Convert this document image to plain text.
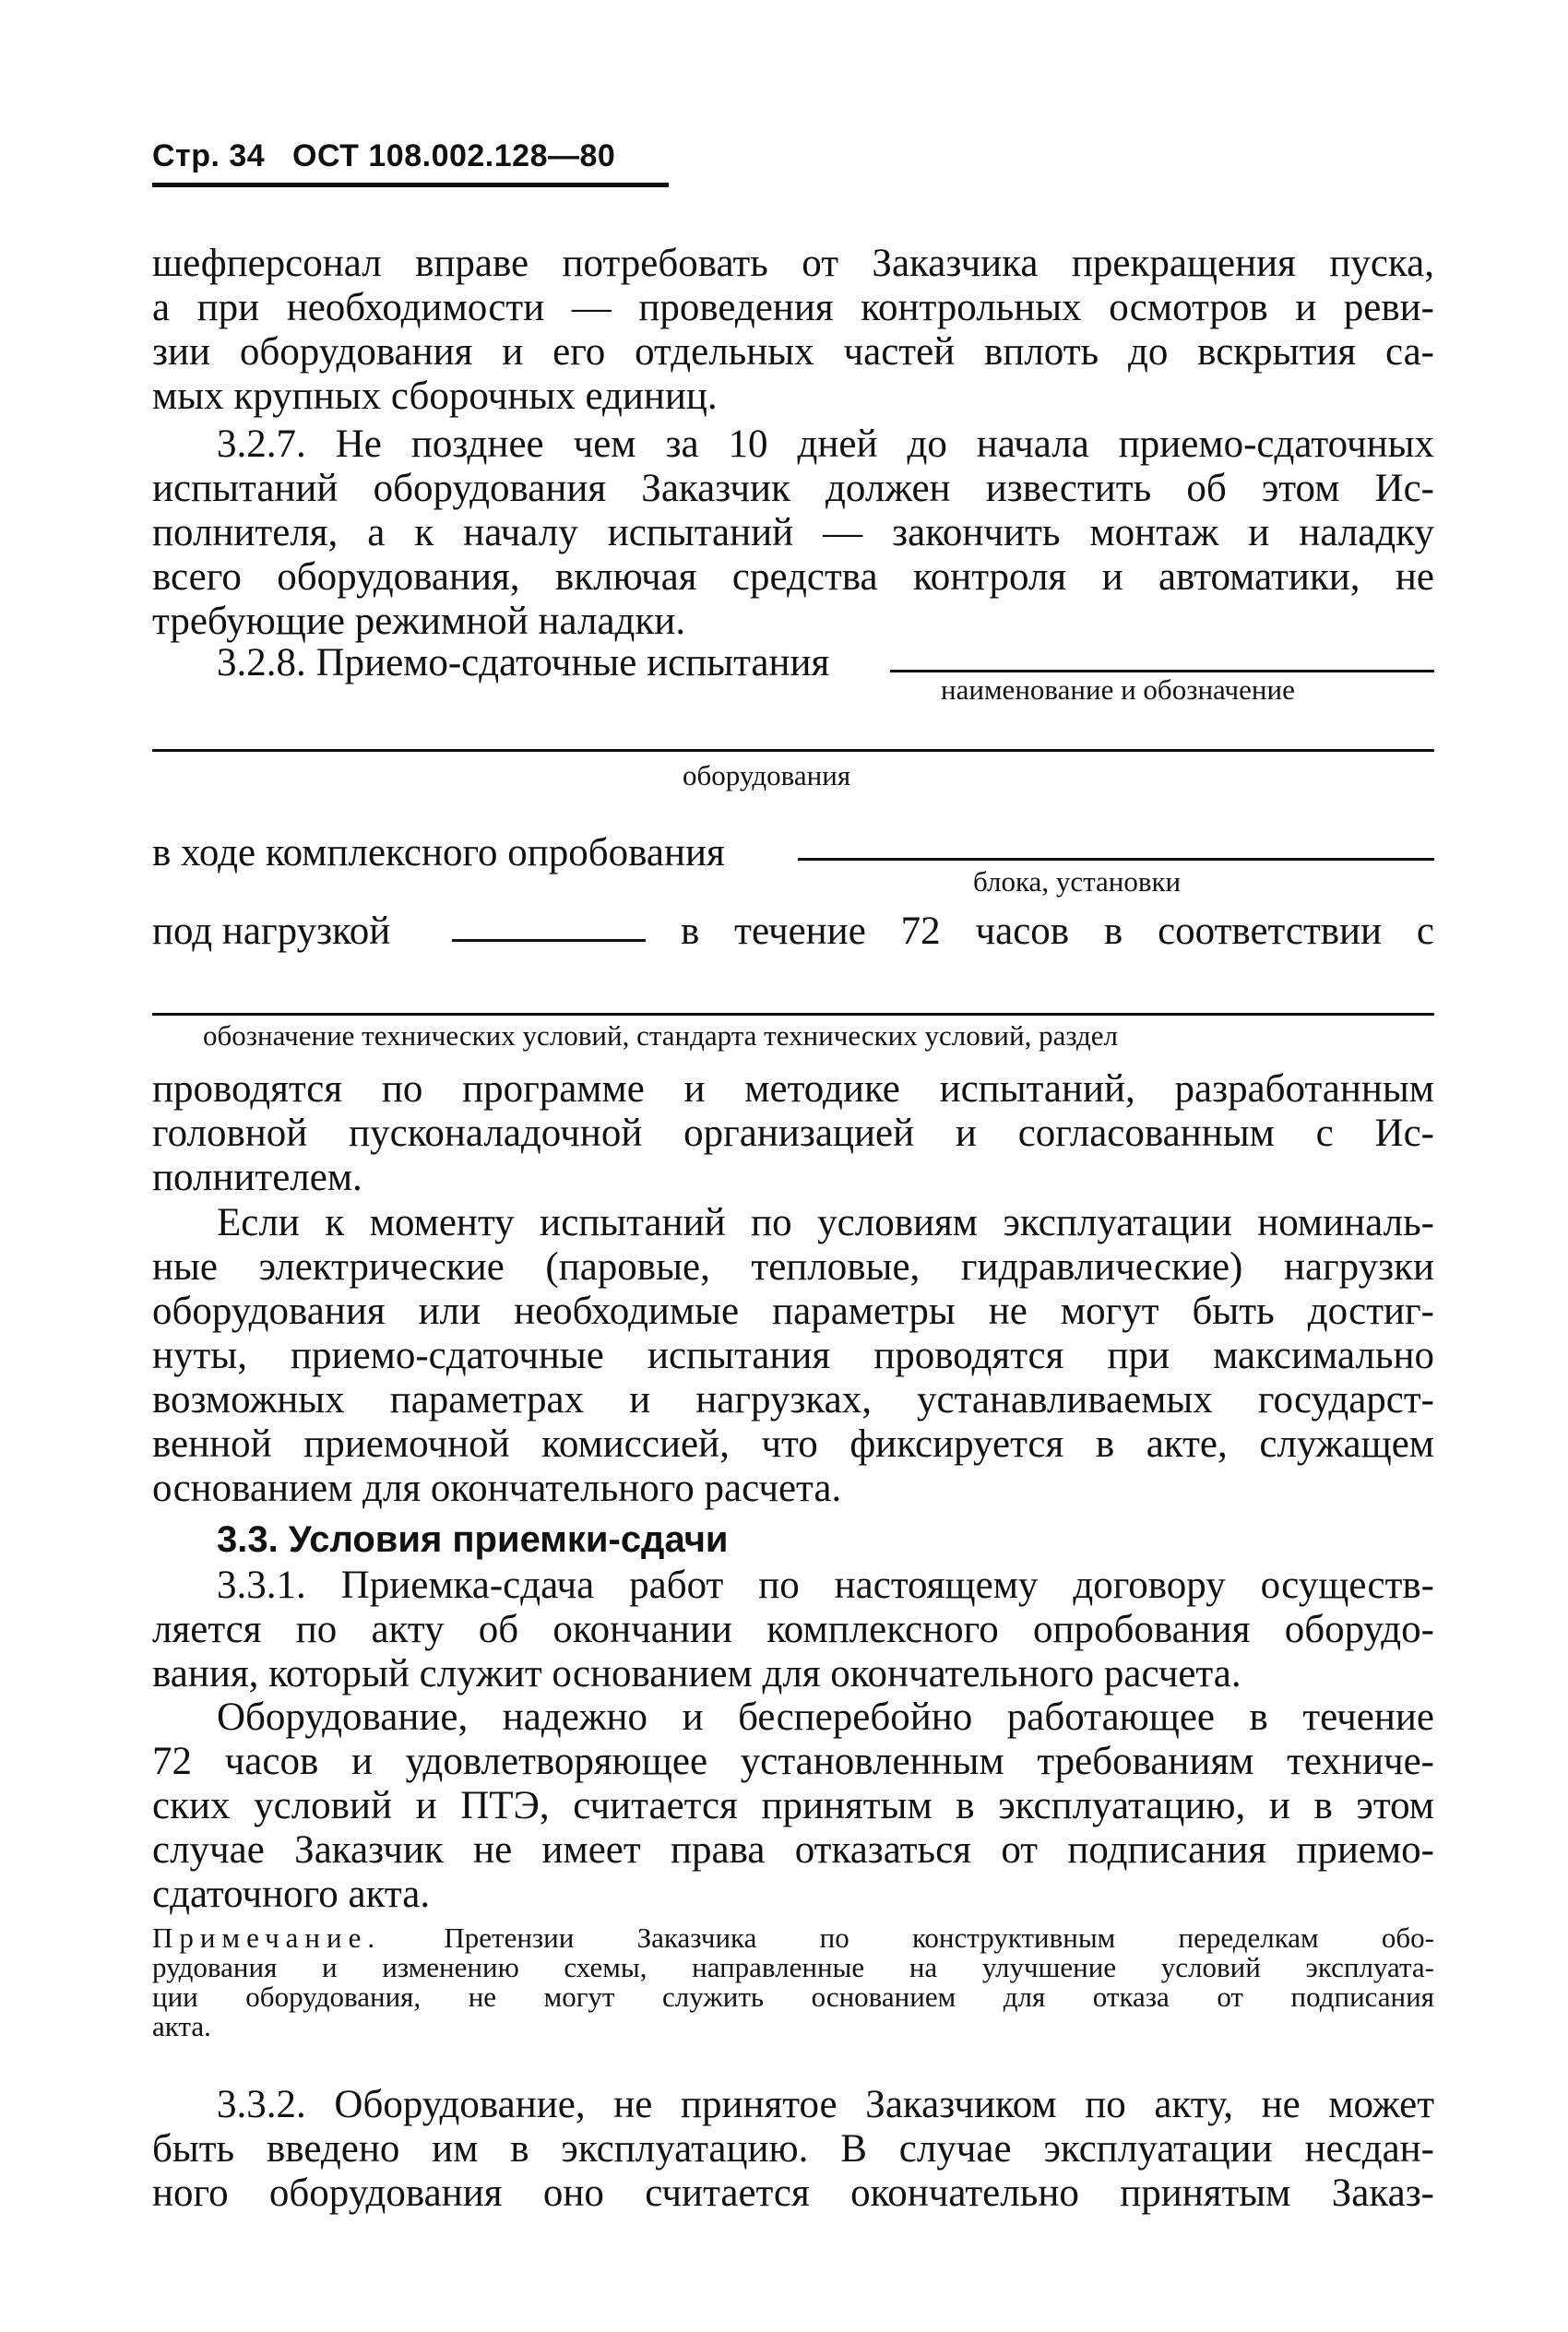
Стр. 34 ОСТ 108.002.128—80
шефперсонал вправе потребовать от Заказчика прекращения пуска,
а при необходимости — проведения контрольных осмотров и реви-
зии оборудования и его отдельных частей вплоть до вскрытия са-
мых крупных сборочных единиц.
3.2.7. Не позднее чем за 10 дней до начала приемо-сдаточных
испытаний оборудования Заказчик должен известить об этом Ис-
полнителя, а к началу испытаний — закончить монтаж и наладку
всего оборудования, включая средства контроля и автоматики, не
требующие режимной наладки.
3.2.8. Приемо-сдаточные испытания
наименование и обозначение
оборудования
в ходе комплексного опробования
блока, установки
под нагрузкой	в течение 72 часов в соответствии с
обозначение технических условий, стандарта технических условий, раздел
проводятся по программе и методике испытаний, разработанным
головной пусконаладочной организацией и согласованным с Ис-
полнителем.
Если к моменту испытаний по условиям эксплуатации номиналь-
ные электрические (паровые, тепловые, гидравлические) нагрузки
оборудования или необходимые параметры не могут быть достиг-
нуты, приемо-сдаточные испытания проводятся при максимально
возможных параметрах и нагрузках, устанавливаемых государст-
венной приемочной комиссией, что фиксируется в акте, служащем
основанием для окончательного расчета.
3.3. Условия приемки-сдачи
3.3.1. Приемка-сдача работ по настоящему договору осуществ-
ляется по акту об окончании комплексного опробования оборудо-
вания, который служит основанием для окончательного расчета.
Оборудование, надежно и бесперебойно работающее в течение
72 часов и удовлетворяющее установленным требованиям техниче-
ских условий и ПТЭ, считается принятым в эксплуатацию, и в этом
случае Заказчик не имеет права отказаться от подписания приемо-
сдаточного акта.
Примечание. Претензии Заказчика по конструктивным переделкам обо-
рудования и изменению схемы, направленные на улучшение условий эксплуата-
ции оборудования, не могут служить основанием для отказа от подписания
акта.
3.3.2. Оборудование, не принятое Заказчиком по акту, не может
быть введено им в эксплуатацию. В случае эксплуатации несдан-
ного оборудования оно считается окончательно принятым Заказ-
